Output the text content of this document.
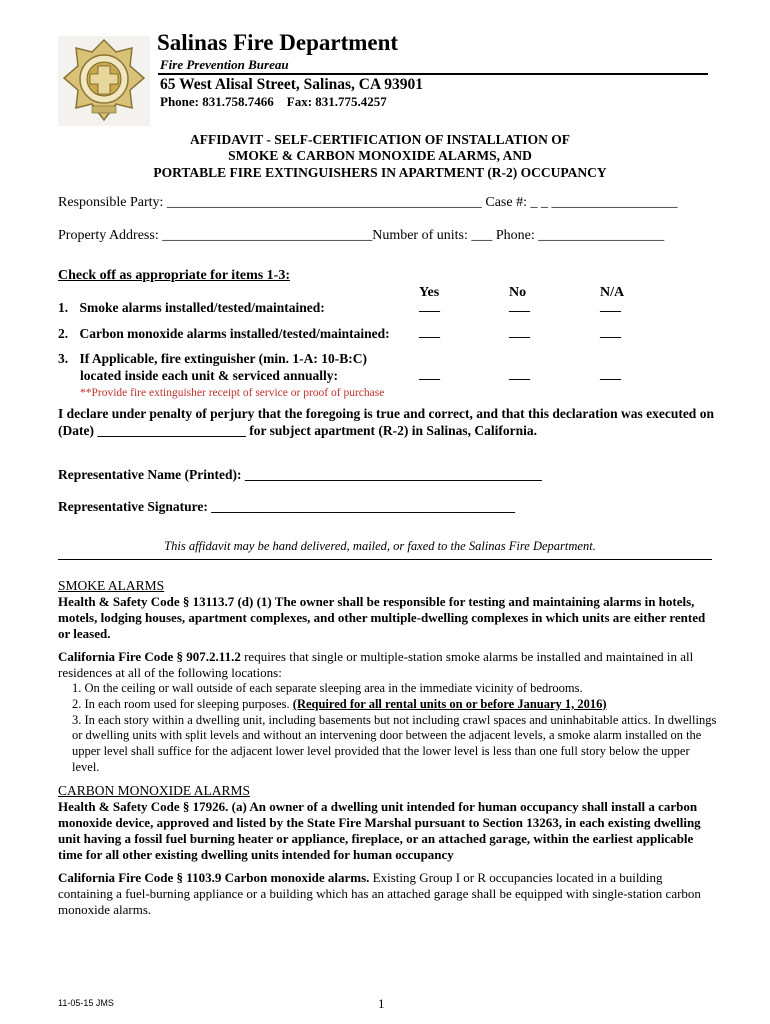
Salinas Fire Department
Fire Prevention Bureau
65 West Alisal Street, Salinas, CA 93901
Phone: 831.758.7466    Fax: 831.775.4257
AFFIDAVIT - SELF-CERTIFICATION OF INSTALLATION OF
SMOKE & CARBON MONOXIDE ALARMS, AND
PORTABLE FIRE EXTINGUISHERS IN APARTMENT (R-2) OCCUPANCY
Responsible Party: _____________________________________________ Case #: _ _ __________________
Property Address: ______________________________Number of units: ___ Phone: __________________
Check off as appropriate for items 1-3:
Yes	No	N/A
1. Smoke alarms installed/tested/maintained:	___	___	___
2. Carbon monoxide alarms installed/tested/maintained: ___	___	___
3. If Applicable, fire extinguisher (min. 1-A: 10-B:C)
located inside each unit & serviced annually:	___	___	___
**Provide fire extinguisher receipt of service or proof of purchase
I declare under penalty of perjury that the foregoing is true and correct, and that this declaration was executed on
(Date) ______________________ for subject apartment (R-2) in Salinas, California.
Representative Name (Printed): ____________________________________________
Representative Signature: _____________________________________________
This affidavit may be hand delivered, mailed, or faxed to the Salinas Fire Department.
SMOKE ALARMS
Health & Safety Code § 13113.7 (d) (1) The owner shall be responsible for testing and maintaining alarms in hotels, motels, lodging houses, apartment complexes, and other multiple-dwelling complexes in which units are either rented or leased.
California Fire Code § 907.2.11.2 requires that single or multiple-station smoke alarms be installed and maintained in all residences at all of the following locations:
1. On the ceiling or wall outside of each separate sleeping area in the immediate vicinity of bedrooms.
2. In each room used for sleeping purposes. (Required for all rental units on or before January 1, 2016)
3. In each story within a dwelling unit, including basements but not including crawl spaces and uninhabitable attics. In dwellings or dwelling units with split levels and without an intervening door between the adjacent levels, a smoke alarm installed on the upper level shall suffice for the adjacent lower level provided that the lower level is less than one full story below the upper level.
CARBON MONOXIDE ALARMS
Health & Safety Code § 17926. (a) An owner of a dwelling unit intended for human occupancy shall install a carbon monoxide device, approved and listed by the State Fire Marshal pursuant to Section 13263, in each existing dwelling unit having a fossil fuel burning heater or appliance, fireplace, or an attached garage, within the earliest applicable time for all other existing dwelling units intended for human occupancy
California Fire Code § 1103.9 Carbon monoxide alarms. Existing Group I or R occupancies located in a building containing a fuel-burning appliance or a building which has an attached garage shall be equipped with single-station carbon monoxide alarms.
11-05-15 JMS	1
